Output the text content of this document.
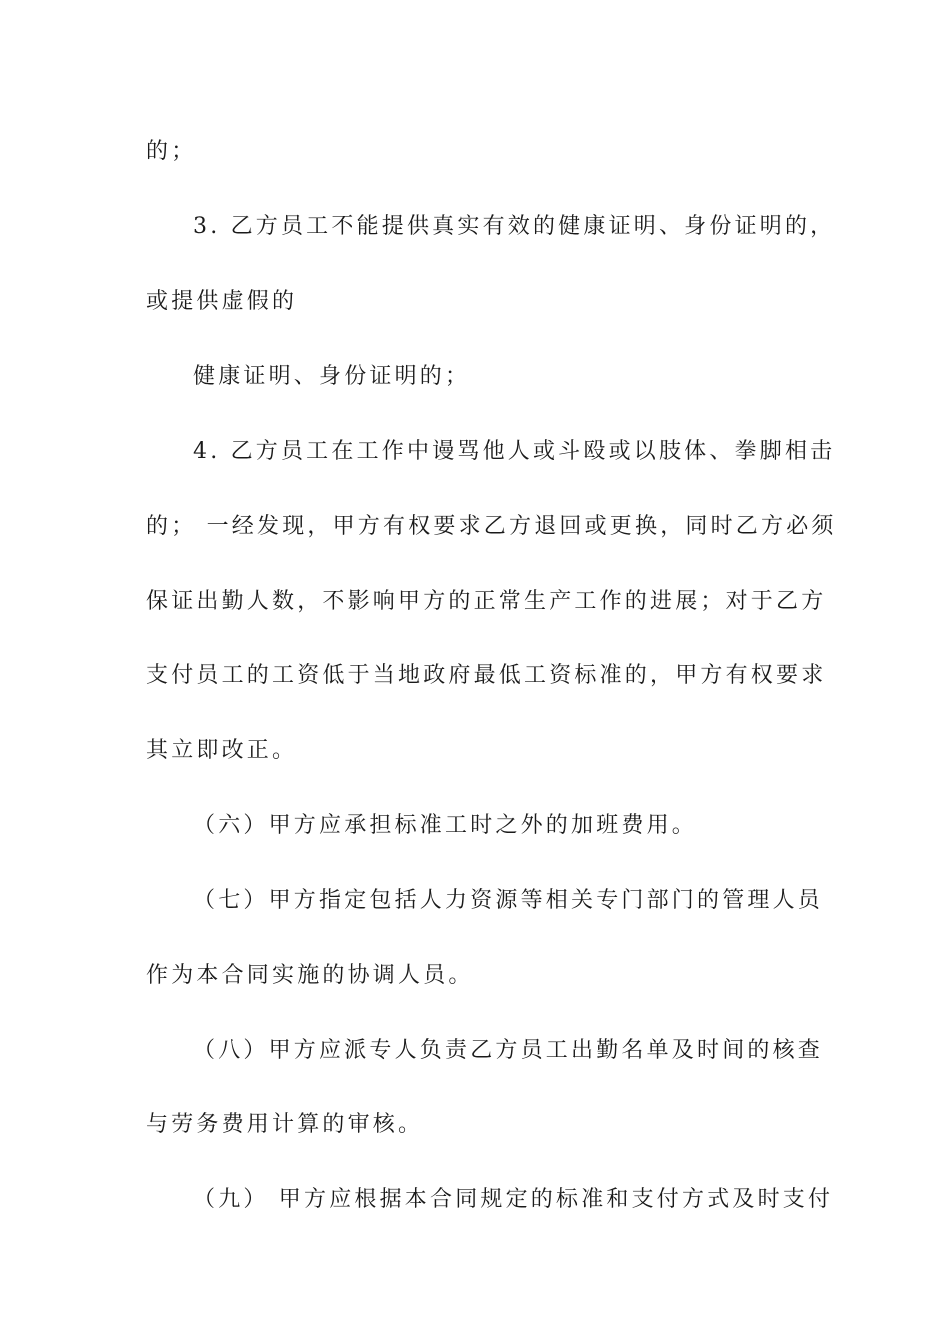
的；
3. 乙方员工不能提供真实有效的健康证明、身份证明的，
或提供虚假的
健康证明、身份证明的；
4. 乙方员工在工作中谩骂他人或斗殴或以肢体、拳脚相击
的； 一经发现，甲方有权要求乙方退回或更换，同时乙方必须
保证出勤人数，不影响甲方的正常生产工作的进展；对于乙方
支付员工的工资低于当地政府最低工资标准的，甲方有权要求
其立即改正。
（六）甲方应承担标准工时之外的加班费用。
（七）甲方指定包括人力资源等相关专门部门的管理人员
作为本合同实施的协调人员。
（八）甲方应派专人负责乙方员工出勤名单及时间的核查
与劳务费用计算的审核。
（九） 甲方应根据本合同规定的标准和支付方式及时支付
